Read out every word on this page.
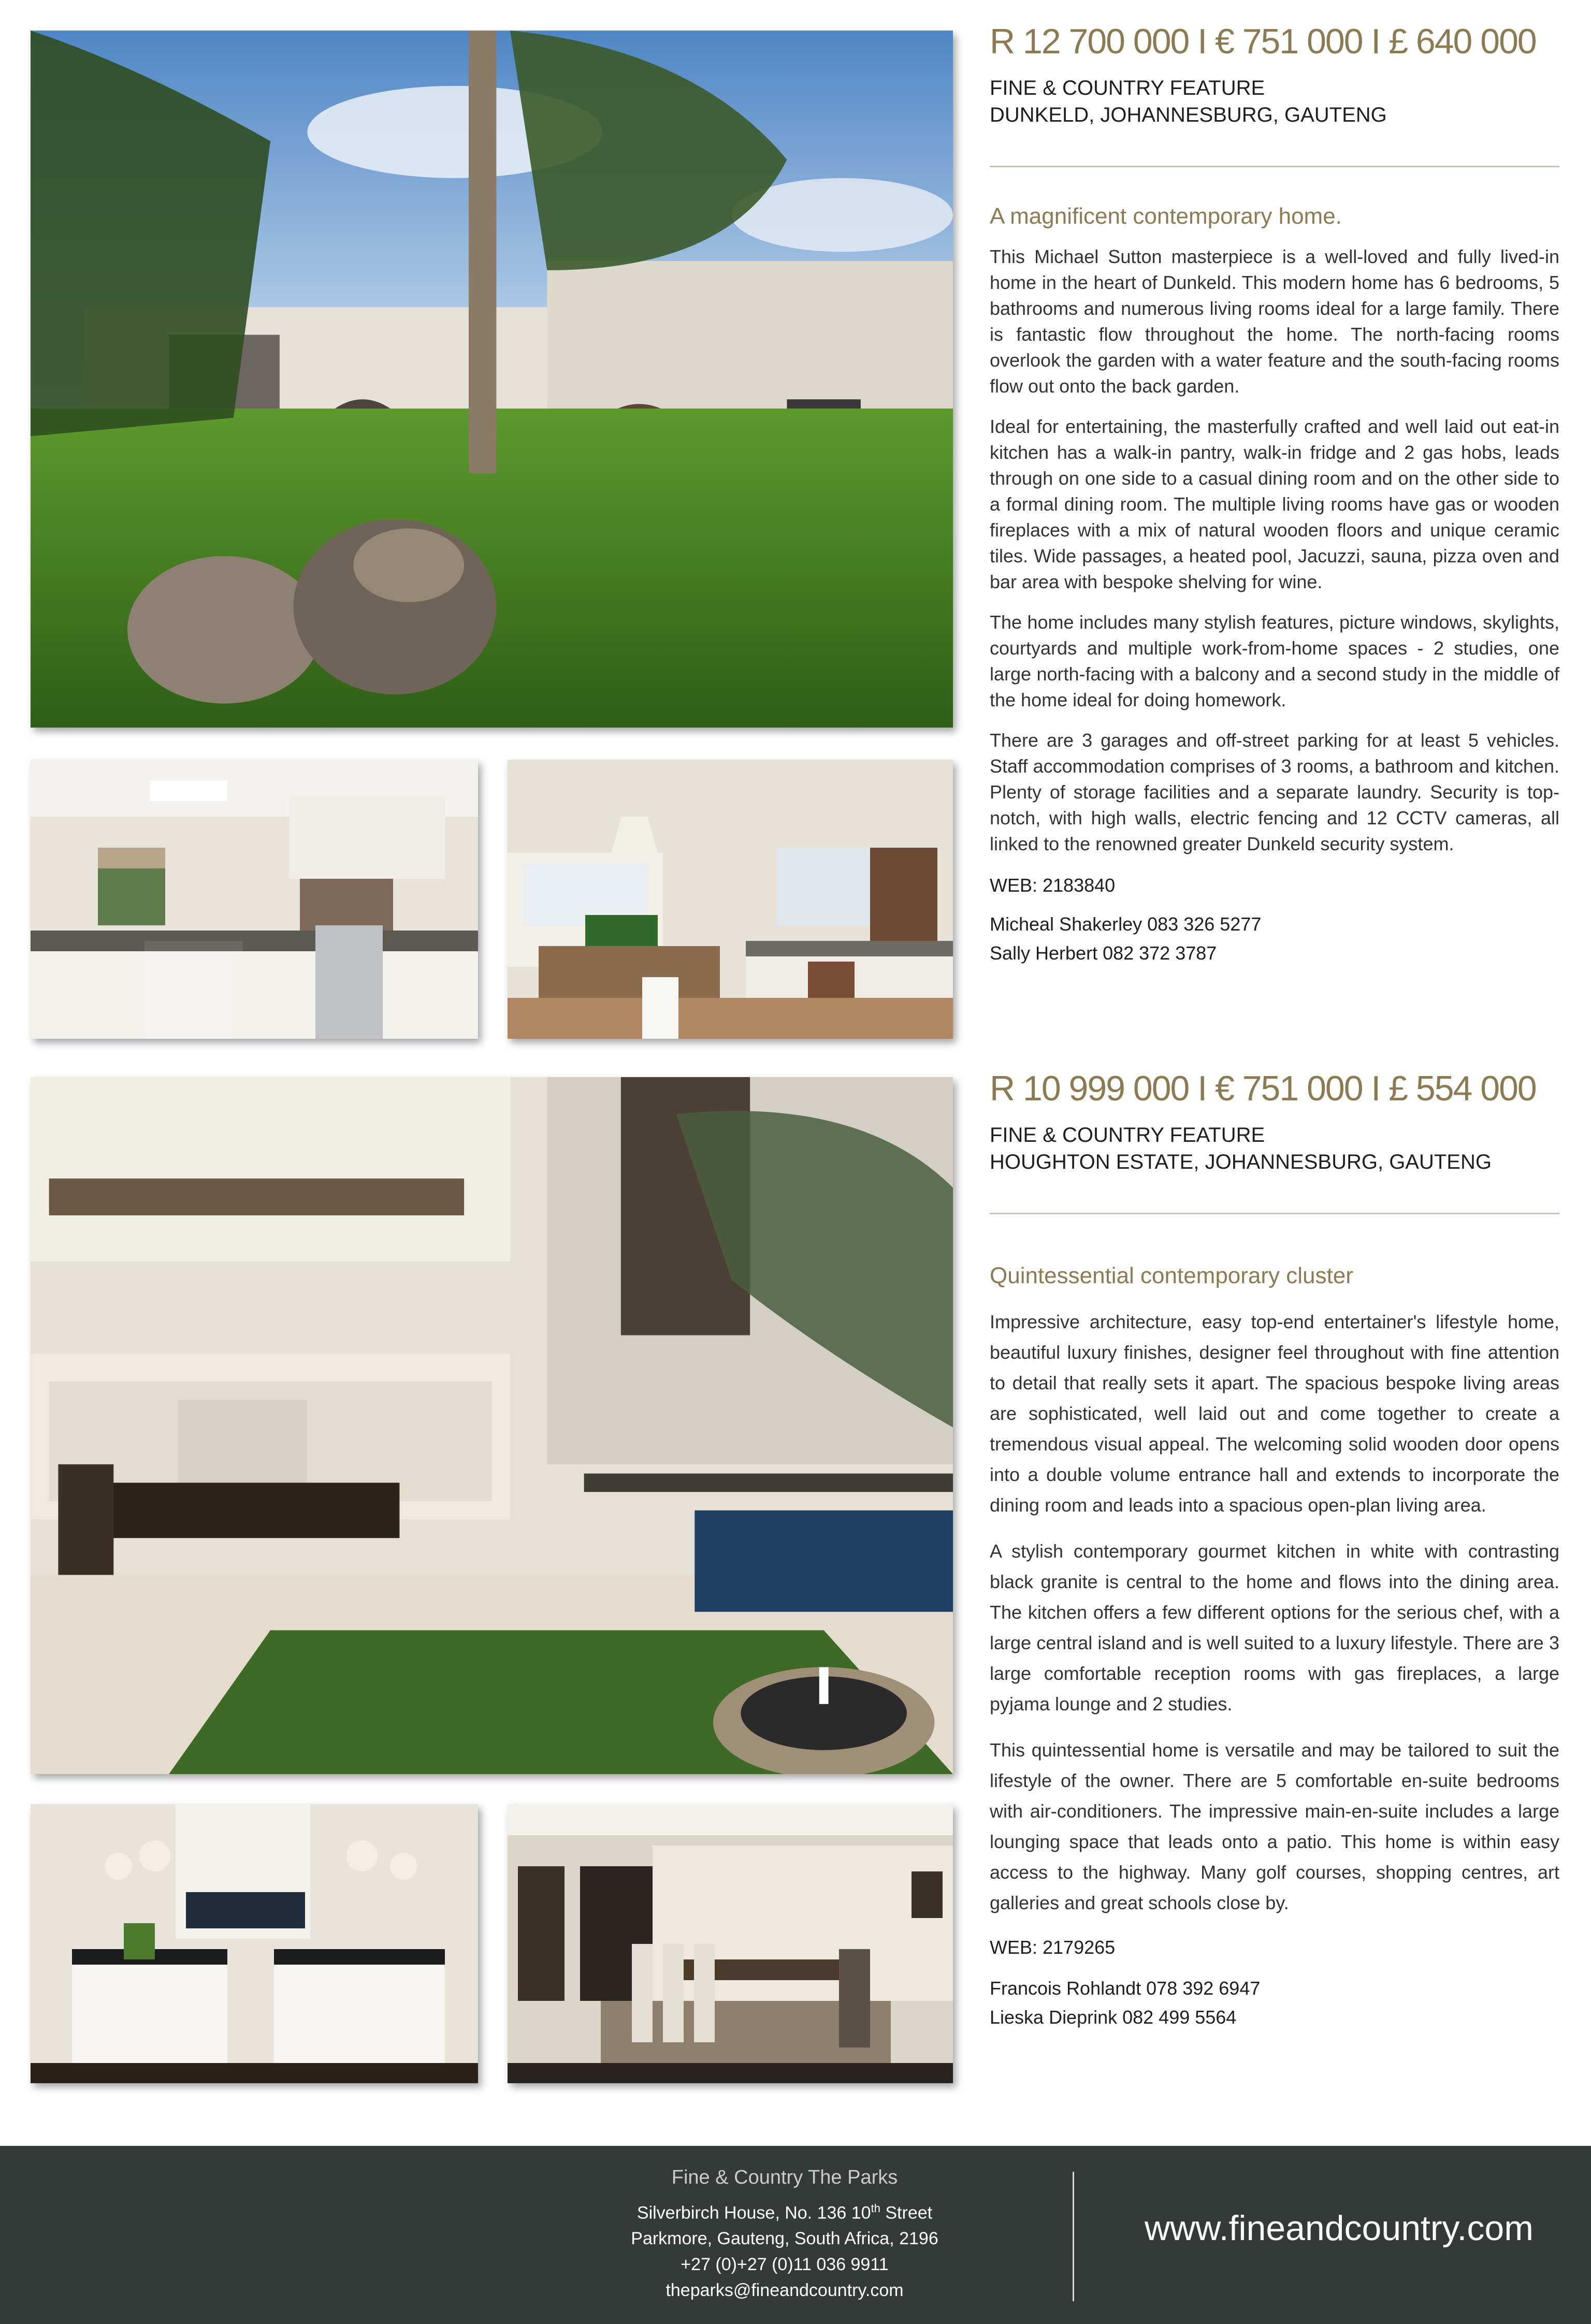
R 12 700 000 I € 751 000 I £ 640 000
FINE & COUNTRY FEATURE
DUNKELD, JOHANNESBURG, GAUTENG
A magnificent contemporary home.

This Michael Sutton masterpiece is a well-loved and fully lived-in home in the heart of Dunkeld. This modern home has 6 bedrooms, 5 bathrooms and numerous living rooms ideal for a large family. There is fantastic flow throughout the home. The north-facing rooms overlook the garden with a water feature and the south-facing rooms flow out onto the back garden.

Ideal for entertaining, the masterfully crafted and well laid out eat-in kitchen has a walk-in pantry, walk-in fridge and 2 gas hobs, leads through on one side to a casual dining room and on the other side to a formal dining room. The multiple living rooms have gas or wooden fireplaces with a mix of natural wooden floors and unique ceramic tiles. Wide passages, a heated pool, Jacuzzi, sauna, pizza oven and bar area with bespoke shelving for wine.

The home includes many stylish features, picture windows, skylights, courtyards and multiple work-from-home spaces - 2 studies, one large north-facing with a balcony and a second study in the middle of the home ideal for doing homework.

There are 3 garages and off-street parking for at least 5 vehicles. Staff accommodation comprises of 3 rooms, a bathroom and kitchen. Plenty of storage facilities and a separate laundry. Security is top-notch, with high walls, electric fencing and 12 CCTV cameras, all linked to the renowned greater Dunkeld security system.

WEB: 2183840
Micheal Shakerley 083 326 5277
Sally Herbert 082 372 3787
R 10 999 000 I € 751 000 I £ 554 000
FINE & COUNTRY FEATURE
HOUGHTON ESTATE, JOHANNESBURG, GAUTENG
Quintessential contemporary cluster

Impressive architecture, easy top-end entertainer's lifestyle home, beautiful luxury finishes, designer feel throughout with fine attention to detail that really sets it apart. The spacious bespoke living areas are sophisticated, well laid out and come together to create a tremendous visual appeal. The welcoming solid wooden door opens into a double volume entrance hall and extends to incorporate the dining room and leads into a spacious open-plan living area.

A stylish contemporary gourmet kitchen in white with contrasting black granite is central to the home and flows into the dining area. The kitchen offers a few different options for the serious chef, with a large central island and is well suited to a luxury lifestyle. There are 3 large comfortable reception rooms with gas fireplaces, a large pyjama lounge and 2 studies.

This quintessential home is versatile and may be tailored to suit the lifestyle of the owner. There are 5 comfortable en-suite bedrooms with air-conditioners. The impressive main-en-suite includes a large lounging space that leads onto a patio. This home is within easy access to the highway. Many golf courses, shopping centres, art galleries and great schools close by.

WEB: 2179265
Francois Rohlandt 078 392 6947
Lieska Dieprink 082 499 5564
Fine & Country The Parks
Silverbirch House, No. 136 10th Street
Parkmore, Gauteng, South Africa, 2196
+27 (0)+27 (0)11 036 9911
theparks@fineandcountry.com
www.fineandcountry.com
